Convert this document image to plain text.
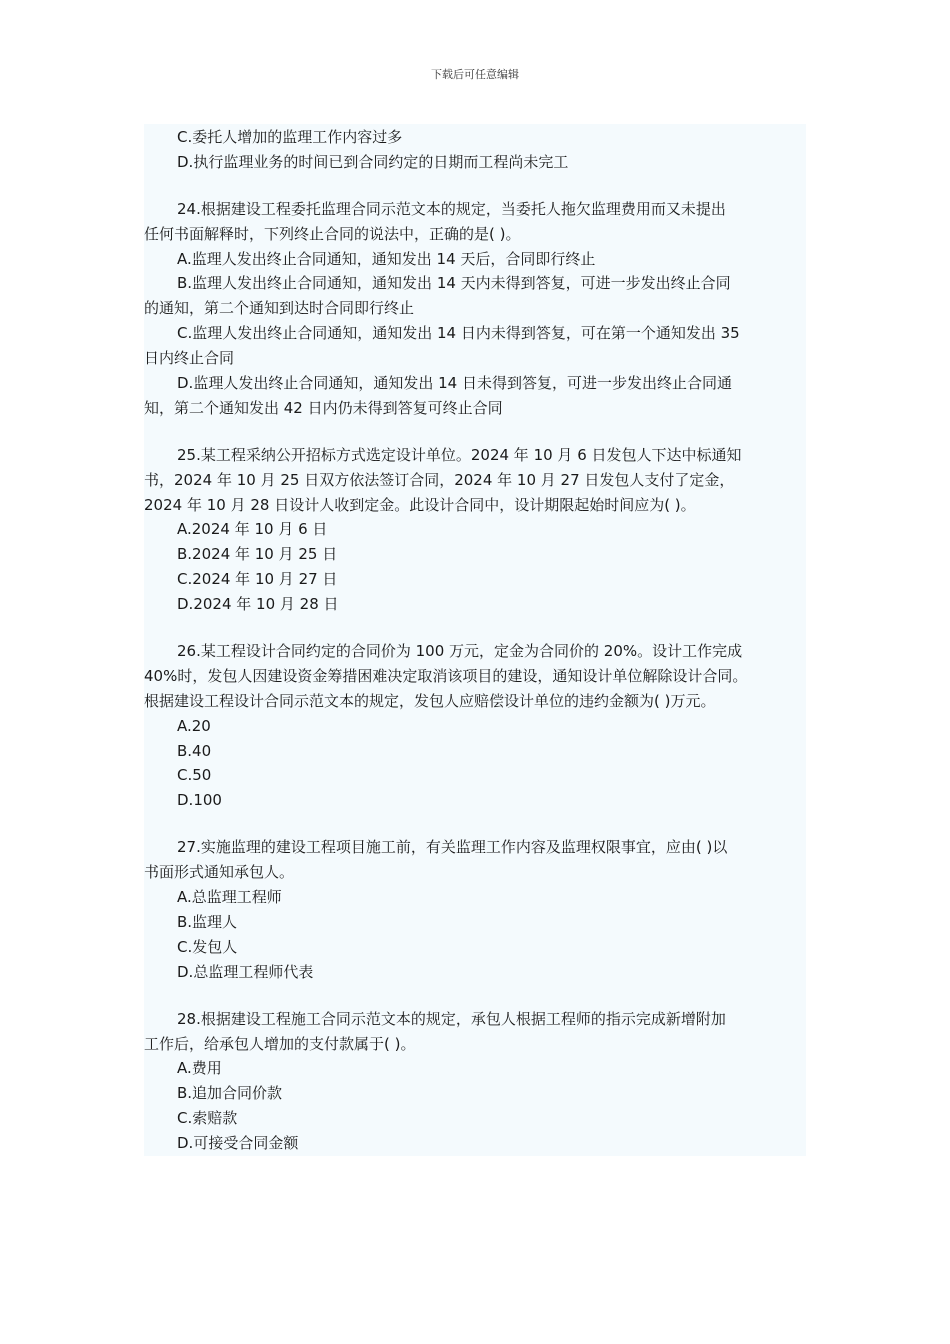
下载后可任意编辑
C.委托人增加的监理工作内容过多
D.执行监理业务的时间已到合同约定的日期而工程尚未完工
24.根据建设工程委托监理合同示范文本的规定，当委托人拖欠监理费用而又未提出
任何书面解释时，下列终止合同的说法中，正确的是( )。
A.监理人发出终止合同通知，通知发出 14 天后，合同即行终止
B.监理人发出终止合同通知，通知发出 14 天内未得到答复，可进一步发出终止合同
的通知，第二个通知到达时合同即行终止
C.监理人发出终止合同通知，通知发出 14 日内未得到答复，可在第一个通知发出 35
日内终止合同
D.监理人发出终止合同通知，通知发出 14 日未得到答复，可进一步发出终止合同通
知，第二个通知发出 42 日内仍未得到答复可终止合同
25.某工程采纳公开招标方式选定设计单位。2024 年 10 月 6 日发包人下达中标通知
书，2024 年 10 月 25 日双方依法签订合同，2024 年 10 月 27 日发包人支付了定金，
2024 年 10 月 28 日设计人收到定金。此设计合同中，设计期限起始时间应为( )。
A.2024 年 10 月 6 日
B.2024 年 10 月 25 日
C.2024 年 10 月 27 日
D.2024 年 10 月 28 日
26.某工程设计合同约定的合同价为 100 万元，定金为合同价的 20%。设计工作完成
40%时，发包人因建设资金筹措困难决定取消该项目的建设，通知设计单位解除设计合同。
根据建设工程设计合同示范文本的规定，发包人应赔偿设计单位的违约金额为( )万元。
A.20
B.40
C.50
D.100
27.实施监理的建设工程项目施工前，有关监理工作内容及监理权限事宜，应由( )以
书面形式通知承包人。
A.总监理工程师
B.监理人
C.发包人
D.总监理工程师代表
28.根据建设工程施工合同示范文本的规定，承包人根据工程师的指示完成新增附加
工作后，给承包人增加的支付款属于( )。
A.费用
B.追加合同价款
C.索赔款
D.可接受合同金额
